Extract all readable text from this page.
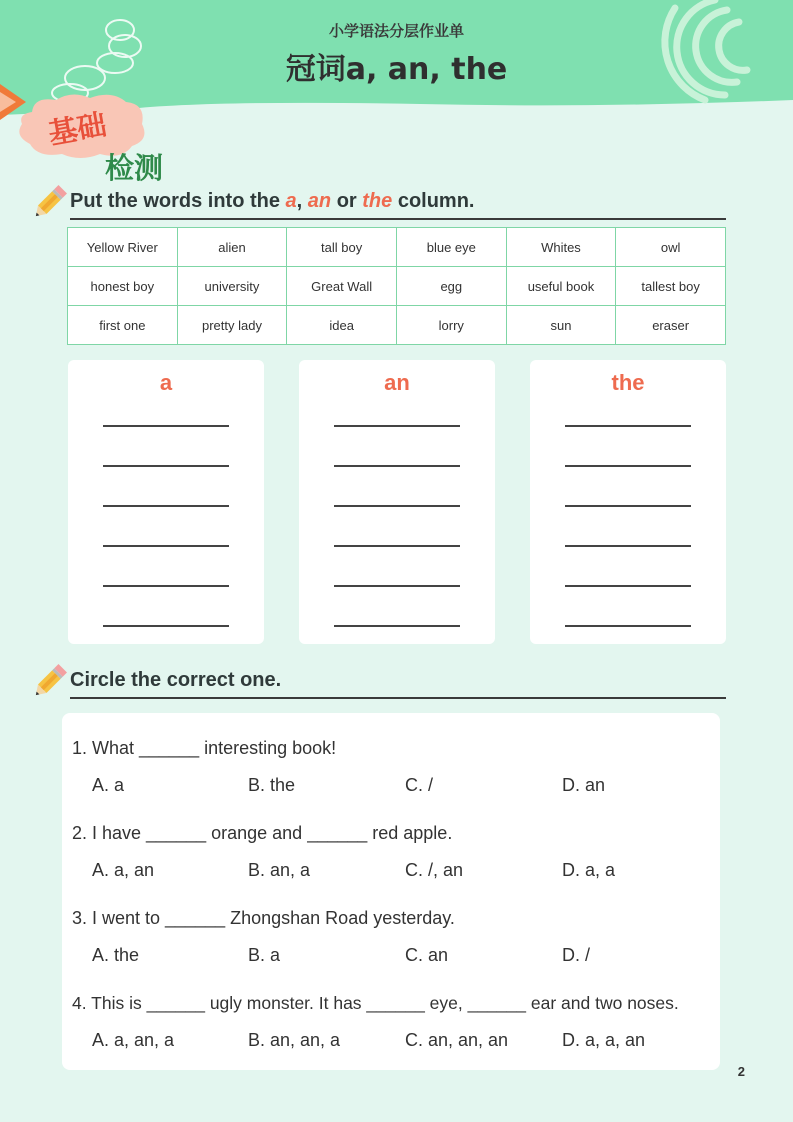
小学语法分层作业单
冠词a, an, the
基础
检测
Put the words into the a, an or the column.
Yellow River	alien	tall boy	blue eye	Whites	owl
honest boy	university	Great Wall	egg	useful book	tallest boy
first one	pretty lady	idea	lorry	sun	eraser
a	an	the
Circle the correct one.
1. What ______ interesting book!
A. a	B. the	C. /	D. an
2. I have ______ orange and ______ red apple.
A. a, an	B. an, a	C. /, an	D. a, a
3. I went to ______ Zhongshan Road yesterday.
A. the	B. a	C. an	D. /
4. This is ______ ugly monster. It has ______ eye, ______ ear and two noses.
A. a, an, a	B. an, an, a	C. an, an, an	D. a, a, an
2
